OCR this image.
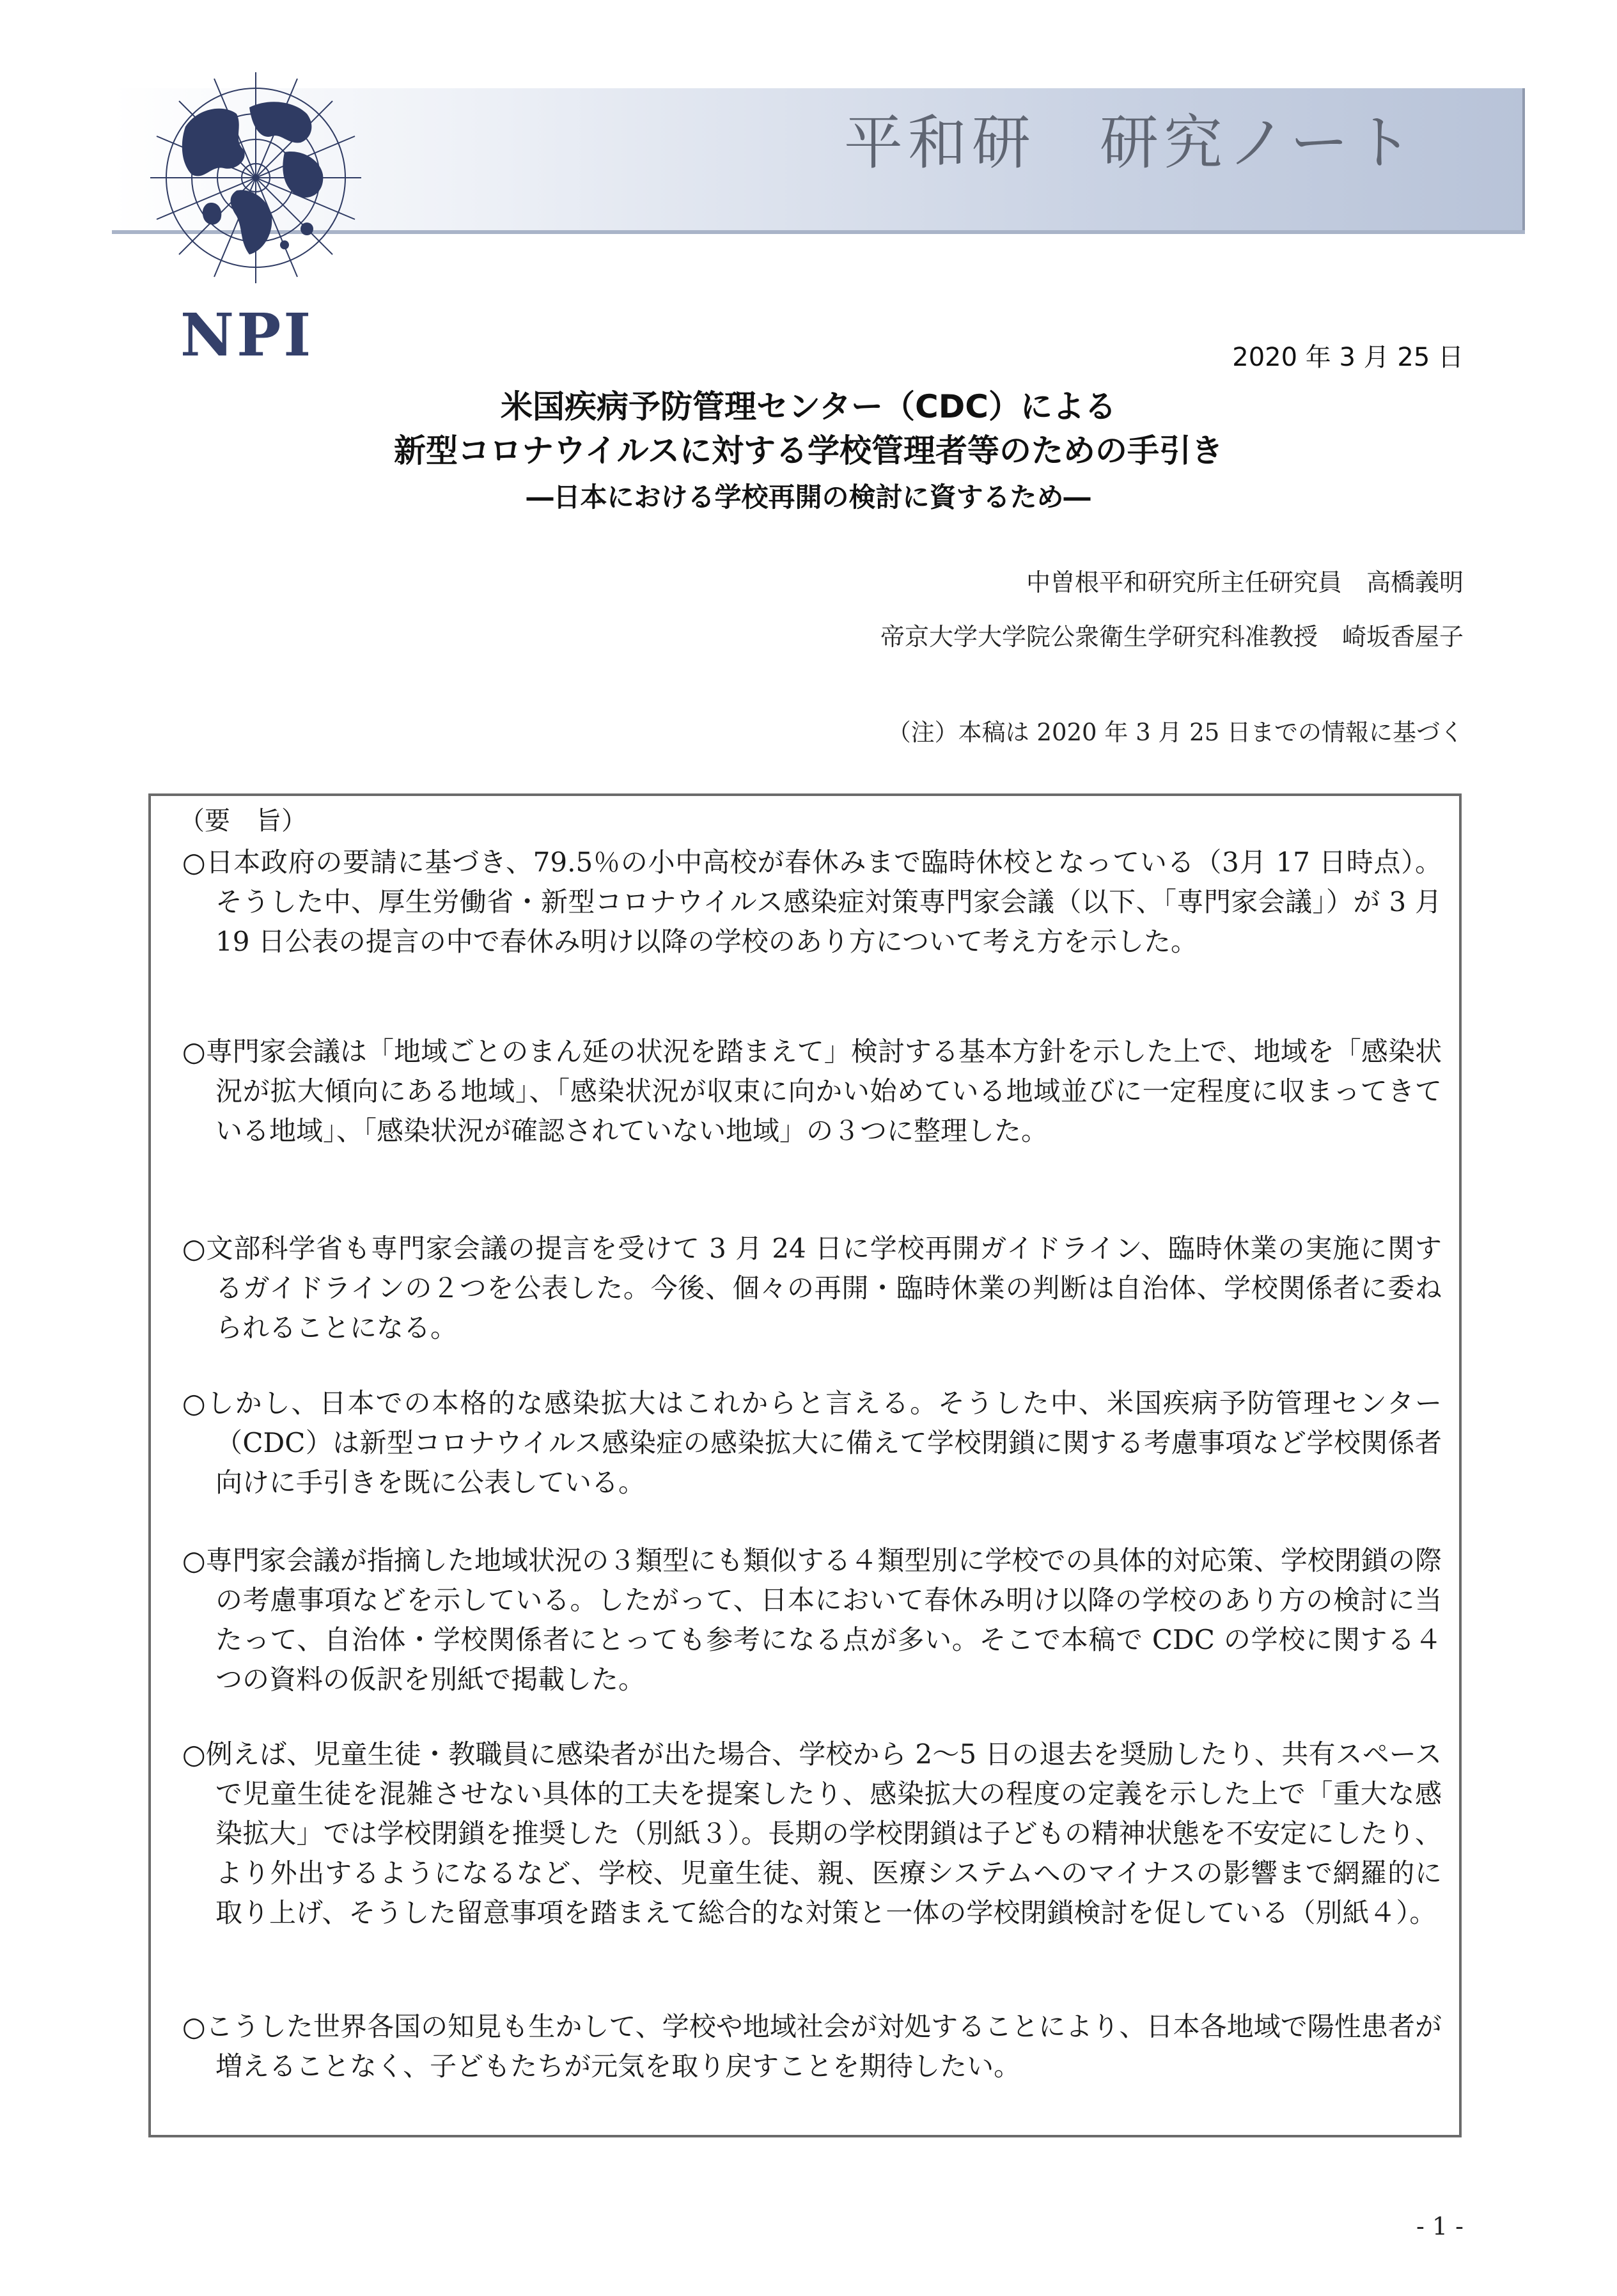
平和研　研究ノート
NPI	2020 年 3 月 25 日
米国疾病予防管理センター（CDC）による
新型コロナウイルスに対する学校管理者等のための手引き
―日本における学校再開の検討に資するため―
中曽根平和研究所主任研究員　高橋義明
帝京大学大学院公衆衛生学研究科准教授　崎坂香屋子
（注）本稿は 2020 年 3 月 25 日までの情報に基づく
（要　旨）
○日本政府の要請に基づき、79.5％の小中高校が春休みまで臨時休校となっている（3月 17 日時点）。そうした中、厚生労働省・新型コロナウイルス感染症対策専門家会議（以下、「専門家会議」）が 3 月 19 日公表の提言の中で春休み明け以降の学校のあり方について考え方を示した。
○専門家会議は「地域ごとのまん延の状況を踏まえて」検討する基本方針を示した上で、地域を「感染状況が拡大傾向にある地域」、「感染状況が収束に向かい始めている地域並びに一定程度に収まってきている地域」、「感染状況が確認されていない地域」の３つに整理した。
○文部科学省も専門家会議の提言を受けて 3 月 24 日に学校再開ガイドライン、臨時休業の実施に関するガイドラインの２つを公表した。今後、個々の再開・臨時休業の判断は自治体、学校関係者に委ねられることになる。
○しかし、日本での本格的な感染拡大はこれからと言える。そうした中、米国疾病予防管理センター（CDC）は新型コロナウイルス感染症の感染拡大に備えて学校閉鎖に関する考慮事項など学校関係者向けに手引きを既に公表している。
○専門家会議が指摘した地域状況の３類型にも類似する４類型別に学校での具体的対応策、学校閉鎖の際の考慮事項などを示している。したがって、日本において春休み明け以降の学校のあり方の検討に当たって、自治体・学校関係者にとっても参考になる点が多い。そこで本稿で CDC の学校に関する４つの資料の仮訳を別紙で掲載した。
○例えば、児童生徒・教職員に感染者が出た場合、学校から 2～5 日の退去を奨励したり、共有スペースで児童生徒を混雑させない具体的工夫を提案したり、感染拡大の程度の定義を示した上で「重大な感染拡大」では学校閉鎖を推奨した（別紙３）。長期の学校閉鎖は子どもの精神状態を不安定にしたり、より外出するようになるなど、学校、児童生徒、親、医療システムへのマイナスの影響まで網羅的に取り上げ、そうした留意事項を踏まえて総合的な対策と一体の学校閉鎖検討を促している（別紙４）。
○こうした世界各国の知見も生かして、学校や地域社会が対処することにより、日本各地域で陽性患者が増えることなく、子どもたちが元気を取り戻すことを期待したい。
- 1 -
